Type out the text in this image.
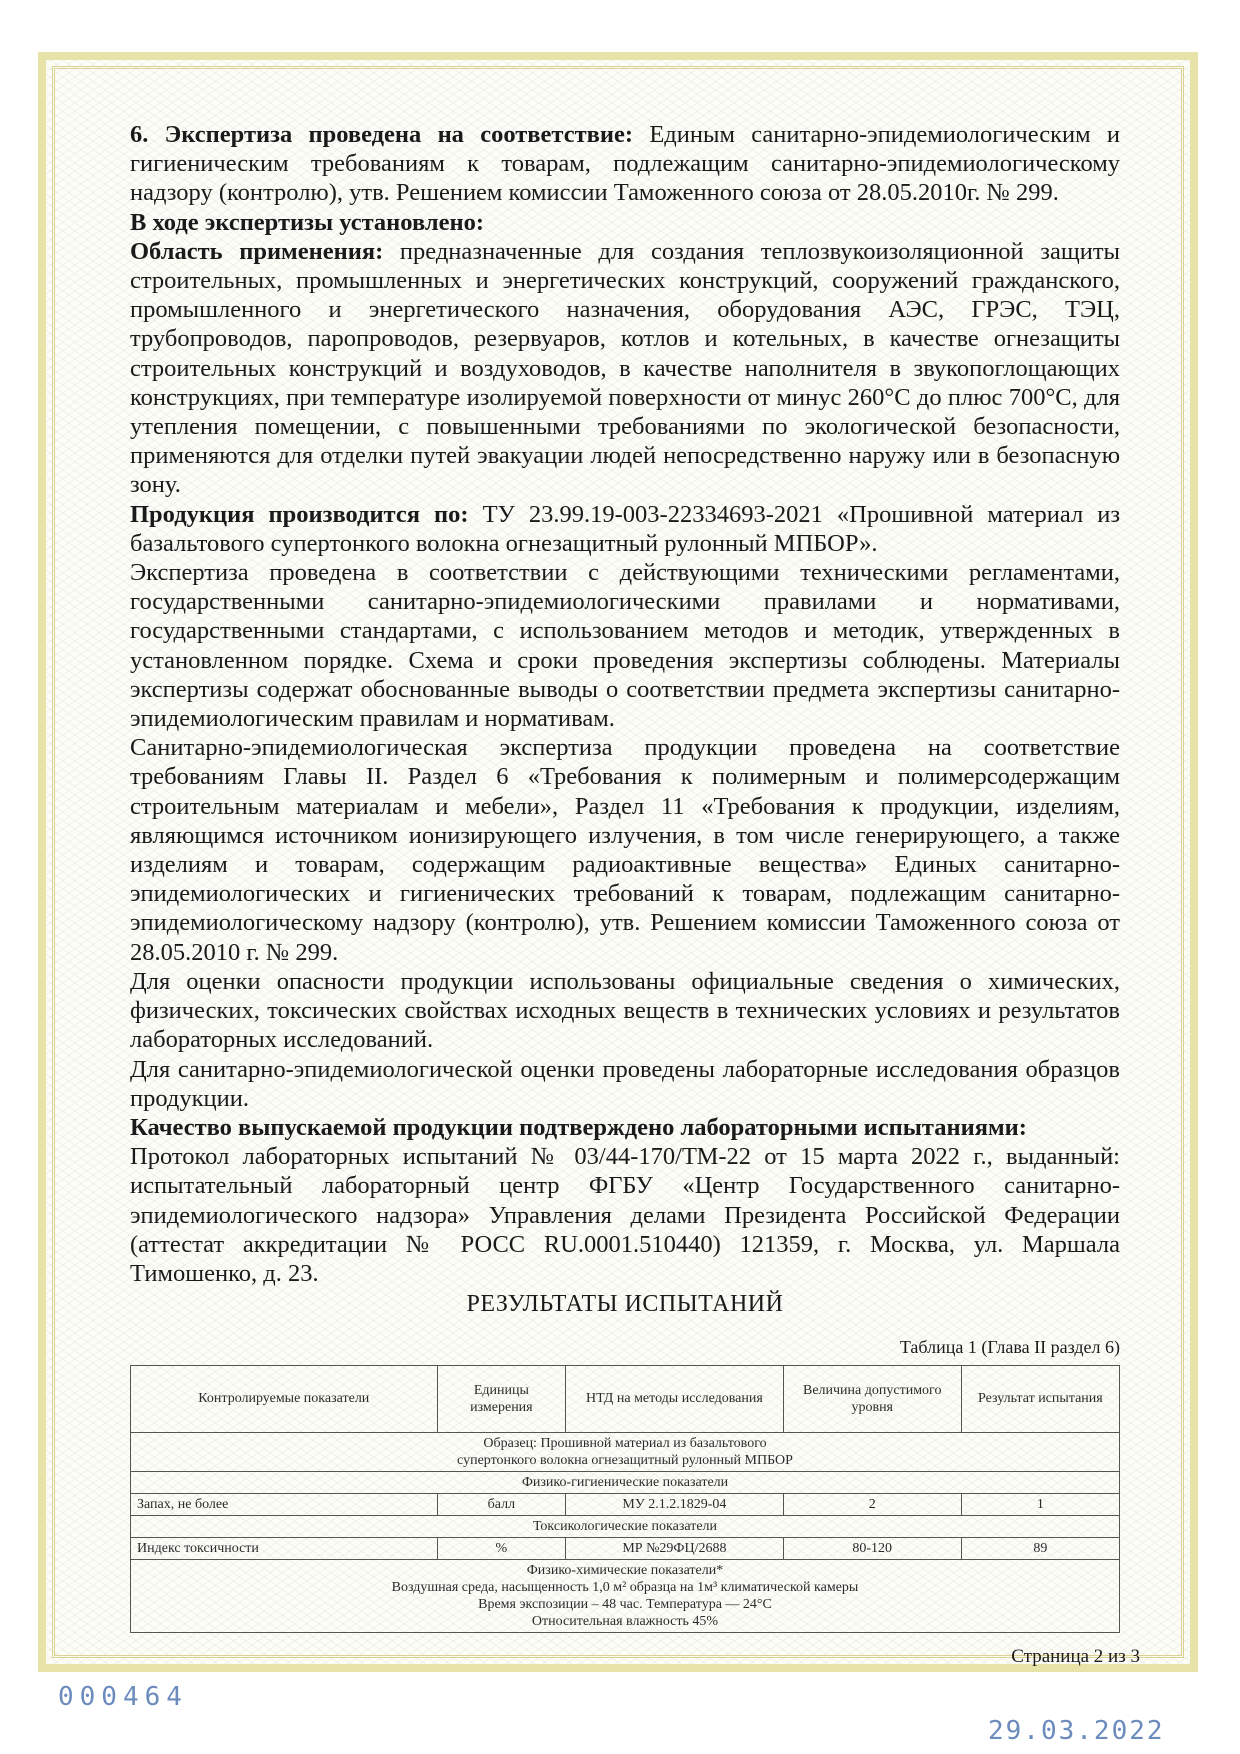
6. Экспертиза проведена на соответствие: Единым санитарно-эпидемиологическим и гигиеническим требованиям к товарам, подлежащим санитарно-эпидемиологическому надзору (контролю), утв. Решением комиссии Таможенного союза от 28.05.2010г. № 299.

В ходе экспертизы установлено:

Область применения: предназначенные для создания теплозвукоизоляционной защиты строительных, промышленных и энергетических конструкций, сооружений гражданского, промышленного и энергетического назначения, оборудования АЭС, ГРЭС, ТЭЦ, трубопроводов, паропроводов, резервуаров, котлов и котельных, в качестве огнезащиты строительных конструкций и воздуховодов, в качестве наполнителя в звукопоглощающих конструкциях, при температуре изолируемой поверхности от минус 260°С до плюс 700°С, для утепления помещении, с повышенными требованиями по экологической безопасности, применяются для отделки путей эвакуации людей непосредственно наружу или в безопасную зону.

Продукция производится по: ТУ 23.99.19-003-22334693-2021 «Прошивной материал из базальтового супертонкого волокна огнезащитный рулонный МПБОР».

Экспертиза проведена в соответствии с действующими техническими регламентами, государственными санитарно-эпидемиологическими правилами и нормативами, государственными стандартами, с использованием методов и методик, утвержденных в установленном порядке. Схема и сроки проведения экспертизы соблюдены. Материалы экспертизы содержат обоснованные выводы о соответствии предмета экспертизы санитарно-эпидемиологическим правилам и нормативам.

Санитарно-эпидемиологическая экспертиза продукции проведена на соответствие требованиям Главы II. Раздел 6 «Требования к полимерным и полимерсодержащим строительным материалам и мебели», Раздел 11 «Требования к продукции, изделиям, являющимся источником ионизирующего излучения, в том числе генерирующего, а также изделиям и товарам, содержащим радиоактивные вещества» Единых санитарно-эпидемиологических и гигиенических требований к товарам, подлежащим санитарно-эпидемиологическому надзору (контролю), утв. Решением комиссии Таможенного союза от 28.05.2010 г. № 299.

Для оценки опасности продукции использованы официальные сведения о химических, физических, токсических свойствах исходных веществ в технических условиях и результатов лабораторных исследований.

Для санитарно-эпидемиологической оценки проведены лабораторные исследования образцов продукции.

Качество выпускаемой продукции подтверждено лабораторными испытаниями:

Протокол лабораторных испытаний № 03/44-170/ТМ-22 от 15 марта 2022 г., выданный: испытательный лабораторный центр ФГБУ «Центр Государственного санитарно-эпидемиологического надзора» Управления делами Президента Российской Федерации (аттестат аккредитации № РОСС RU.0001.510440) 121359, г. Москва, ул. Маршала Тимошенко, д. 23.

РЕЗУЛЬТАТЫ ИСПЫТАНИЙ
Таблица 1 (Глава II раздел 6)
Контролируемые показатели	Единицы измерения	НТД на методы исследования	Величина допустимого уровня	Результат испытания

Образец: Прошивной материал из базальтового
супертонкого волокна огнезащитный рулонный МПБОР				

Физико-гигиенические показатели				
Запах, не более	балл	МУ 2.1.2.1829-04	2	1
Токсикологические показатели				
Индекс токсичности	%	МР №29ФЦ/2688	80-120	89

Физико-химические показатели*
Воздушная среда, насыщенность 1,0 м² образца на 1м³ климатической камеры
Время экспозиции – 48 час. Температура — 24°С
Относительная влажность 45%				
Страница 2 из 3
000464
29.03.2022
